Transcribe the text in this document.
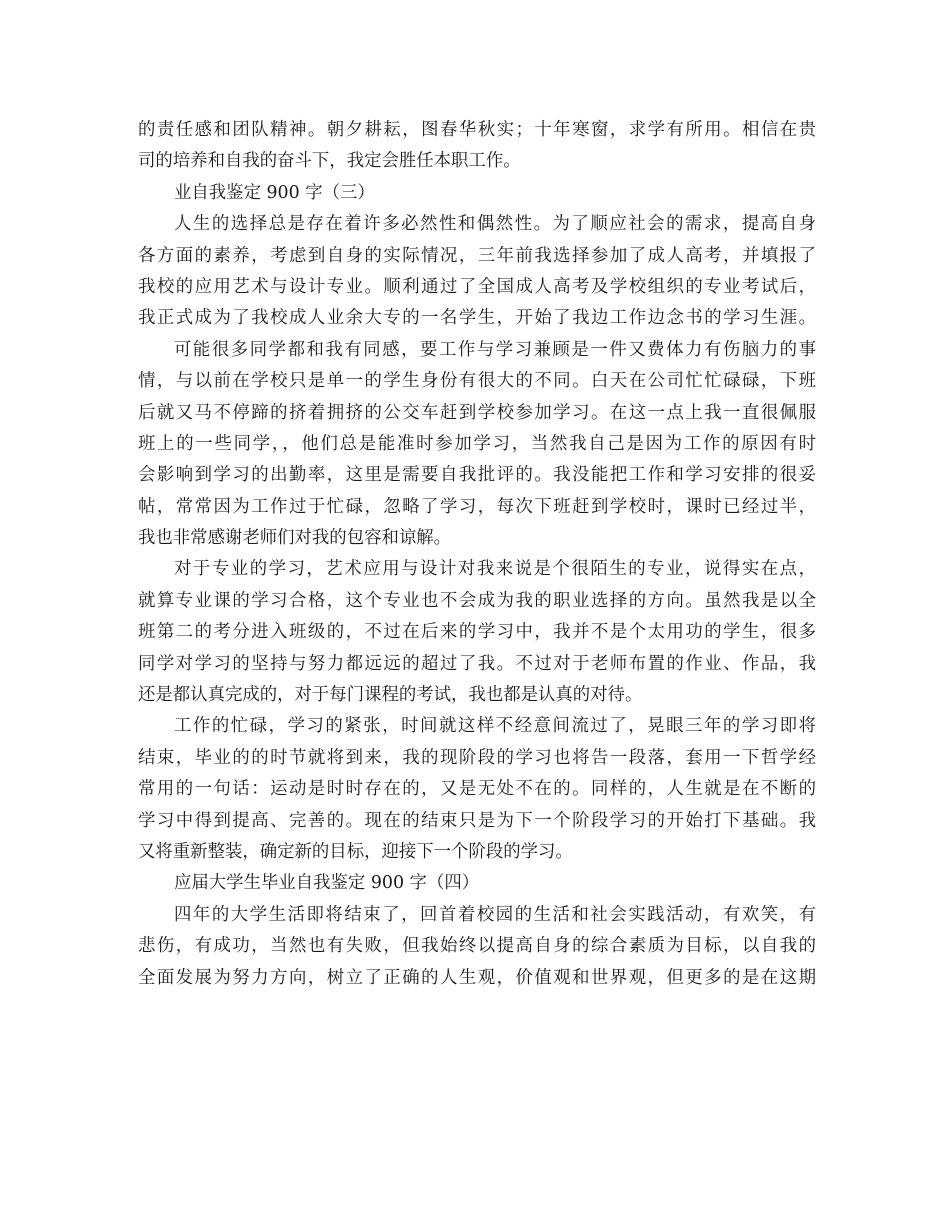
的责任感和团队精神。朝夕耕耘，图春华秋实；十年寒窗，求学有所用。相信在贵
司的培养和自我的奋斗下，我定会胜任本职工作。
业自我鉴定 900 字（三）
人生的选择总是存在着许多必然性和偶然性。为了顺应社会的需求，提高自身
各方面的素养，考虑到自身的实际情况，三年前我选择参加了成人高考，并填报了
我校的应用艺术与设计专业。顺利通过了全国成人高考及学校组织的专业考试后，
我正式成为了我校成人业余大专的一名学生，开始了我边工作边念书的学习生涯。
可能很多同学都和我有同感，要工作与学习兼顾是一件又费体力有伤脑力的事
情，与以前在学校只是单一的学生身份有很大的不同。白天在公司忙忙碌碌，下班
后就又马不停蹄的挤着拥挤的公交车赶到学校参加学习。在这一点上我一直很佩服
班上的一些同学，，他们总是能准时参加学习，当然我自己是因为工作的原因有时
会影响到学习的出勤率，这里是需要自我批评的。我没能把工作和学习安排的很妥
帖，常常因为工作过于忙碌，忽略了学习，每次下班赶到学校时，课时已经过半，
我也非常感谢老师们对我的包容和谅解。
对于专业的学习，艺术应用与设计对我来说是个很陌生的专业，说得实在点，
就算专业课的学习合格，这个专业也不会成为我的职业选择的方向。虽然我是以全
班第二的考分进入班级的，不过在后来的学习中，我并不是个太用功的学生，很多
同学对学习的坚持与努力都远远的超过了我。不过对于老师布置的作业、作品，我
还是都认真完成的，对于每门课程的考试，我也都是认真的对待。
工作的忙碌，学习的紧张，时间就这样不经意间流过了，晃眼三年的学习即将
结束，毕业的的时节就将到来，我的现阶段的学习也将告一段落，套用一下哲学经
常用的一句话：运动是时时存在的，又是无处不在的。同样的，人生就是在不断的
学习中得到提高、完善的。现在的结束只是为下一个阶段学习的开始打下基础。我
又将重新整装，确定新的目标，迎接下一个阶段的学习。
应届大学生毕业自我鉴定 900 字（四）
四年的大学生活即将结束了，回首着校园的生活和社会实践活动，有欢笑，有
悲伤，有成功，当然也有失败，但我始终以提高自身的综合素质为目标，以自我的
全面发展为努力方向，树立了正确的人生观，价值观和世界观，但更多的是在这期
